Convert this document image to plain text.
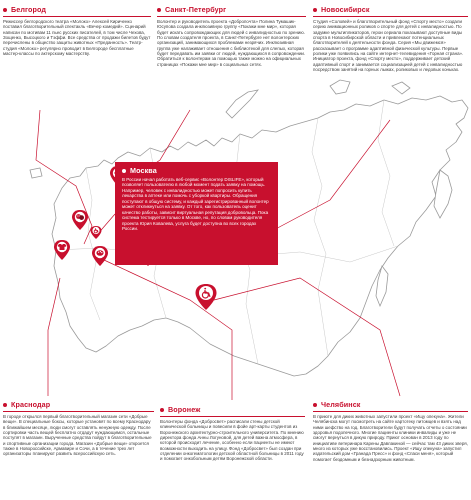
Белгород
Режиссер белгородского театра «Молоко» Алексей Кириченко поставил благотворительный спектакль «Вечер комедий». Сценарий написан по мотивам 11 пьес русских писателей, в том числе Чехова, Зощенко, Высоцкого и Тэффи. Все средства от продажи билетов будут перечислены в общество защиты животных «Преданность». Театр-студия «Молоко» регулярно проводит в Белгороде бесплатные мастер-классы по актерскому мастерству.
Санкт-Петербург
Волонтер и руководитель проекта «Добропочта» Полина Тумашик-Юсупова создала инклюзивную группу «Покажи мне мир», которая будет искать сопровождающих для людей с инвалидностью по зрению. По словам создателя проекта, в Санкт-Петербурге нет волонтерских организаций, занимающихся проблемами незрячих. Инклюзивная группа уже налаживает отношения с библиотекой для слепых, которая будет передавать им заявки от людей, нуждающихся в сопровождении. Обратиться к волонтерам за помощью также можно на официальных страницах «Покажи мне мир» в социальных сетях.
Новосибирск
Студия «Соловей» и благотворительный фонд «Спорту место» создали серию анимационных роликов о спорте для детей с инвалидностью. По задумке мультипликаторов, герои сериала показывают доступные виды спорта в Новосибирской области и привлекают потенциальных благотворителей к деятельности фонда. Серия «Мы движемся» рассказывает о программе адаптивной физической культуры. Первые ролики уже появились на сайте интернет-телевидения «Горная страна». Инициатор проекта, фонд «Спорту место», поддерживает детский адаптивный спорт и занимается социализацией детей с инвалидностью посредством занятий на горных лыжах, роликовых и ледовых коньках.
Москва
В России начал работать веб-сервис «Волонтер DISLIFE», который позволяет пользователю в любой момент подать заявку на помощь. Например, человек с инвалидностью может попросить купить лекарства в аптеке или помочь с уборкой квартиры. Обращения поступают в общую систему, и каждый зарегистрированный волонтер может откликнуться на заявку. От того, как пользователь оценит качество работы, зависит виртуальная репутация добровольца. Пока система тестируется только в Москве, но, по словам руководителя проекта Юрия Ковалева, услуга будет доступна во всех городах России.
Краснодар
В городе открылся первый благотворительный магазин сети «Добрые вещи». В специальные боксы, которые установят по всему Краснодару в ближайшем месяце, люди смогут оставлять ненужную одежду. После сортировки часть вещей бесплатно отдадут нуждающимся, остальные поступят в магазин. Вырученные средства пойдут в благотворительные и спортивные организации города. Магазин «Добрые вещи» откроется также в Новороссийске, Армавире и Сочи, а в течение трех лет организаторы планируют развить всероссийскую сеть.
Воронеж
Волонтеры фонда «Добросвет» расписали стены детской клинической больницы и повесили в фойе арт-карты студентов из Воронежского архитектурно-строительного университета. По мнению директора фонда Анны Логуновой, для детей важна атмосфера, в которой происходит лечение, особенно если пациенты не имеют возможности выходить на улицу. Фонд «Добросвет» был создан при отделении онкогематологии детской областной больницы в 2011 году и помогает онкобольным детям Воронежской области.
Челябинск
В приюте для диких животных запустили проект «Ищу опекуна». Жители Челябинска могут посмотреть на сайте картотеку питомцев и взять над ними шефство на год. Благотворители будут получать отчеты о состоянии здоровья подопечного. Многие пациенты клиники инвалиды и уже не смогут вернуться в дикую природу. Приют основан в 2013 году по инициативе ветеринара Карены Давлакиной — сейчас там 43 диких зверя, много из которых уже восстановились. Проект «Ищу опекуна» запустил издательский дом «Гранада Пресс» и фонд «Спаси меня», который помогает бездомным и безнадзорным животным.
